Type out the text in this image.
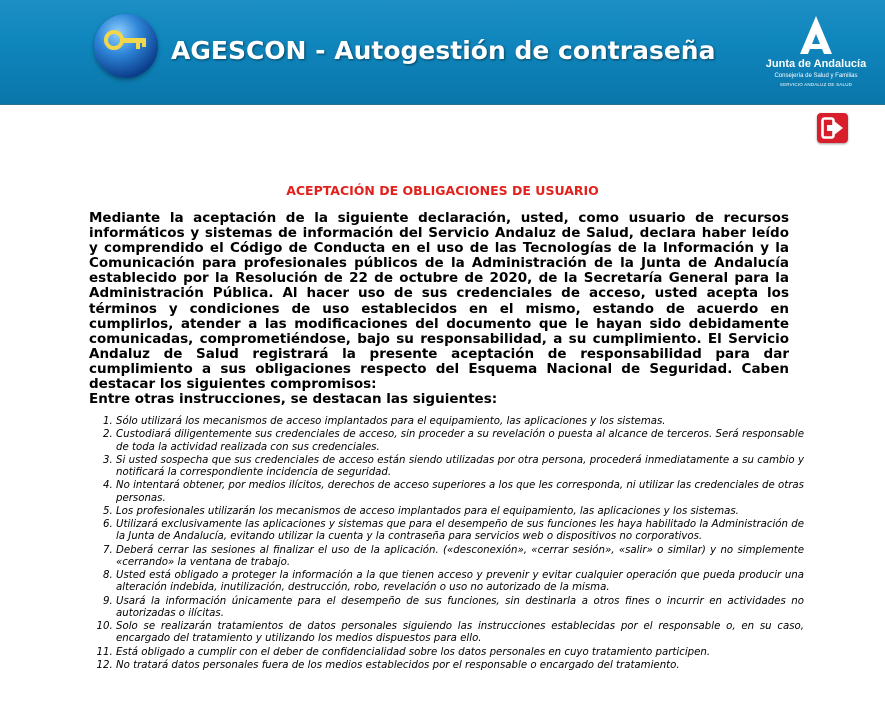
AGESCON - Autogestión de contraseña	Junta de Andalucía
Consejería de Salud y Familias
SERVICIO ANDALUZ DE SALUD
ACEPTACIÓN DE OBLIGACIONES DE USUARIO
Mediante la aceptación de la siguiente declaración, usted, como usuario de recursos informáticos y sistemas de información del Servicio Andaluz de Salud, declara haber leído y comprendido el Código de Conducta en el uso de las Tecnologías de la Información y la Comunicación para profesionales públicos de la Administración de la Junta de Andalucía establecido por la Resolución de 22 de octubre de 2020, de la Secretaría General para la Administración Pública. Al hacer uso de sus credenciales de acceso, usted acepta los términos y condiciones de uso establecidos en el mismo, estando de acuerdo en cumplirlos, atender a las modificaciones del documento que le hayan sido debidamente comunicadas, comprometiéndose, bajo su responsabilidad, a su cumplimiento. El Servicio Andaluz de Salud registrará la presente aceptación de responsabilidad para dar cumplimiento a sus obligaciones respecto del Esquema Nacional de Seguridad. Caben destacar los siguientes compromisos:
Entre otras instrucciones, se destacan las siguientes:
1. Sólo utilizará los mecanismos de acceso implantados para el equipamiento, las aplicaciones y los sistemas.
2. Custodiará diligentemente sus credenciales de acceso, sin proceder a su revelación o puesta al alcance de terceros. Será responsable de toda la actividad realizada con sus credenciales.
3. Si usted sospecha que sus credenciales de acceso están siendo utilizadas por otra persona, procederá inmediatamente a su cambio y notificará la correspondiente incidencia de seguridad.
4. No intentará obtener, por medios ilícitos, derechos de acceso superiores a los que les corresponda, ni utilizar las credenciales de otras personas.
5. Los profesionales utilizarán los mecanismos de acceso implantados para el equipamiento, las aplicaciones y los sistemas.
6. Utilizará exclusivamente las aplicaciones y sistemas que para el desempeño de sus funciones les haya habilitado la Administración de la Junta de Andalucía, evitando utilizar la cuenta y la contraseña para servicios web o dispositivos no corporativos.
7. Deberá cerrar las sesiones al finalizar el uso de la aplicación. («desconexión», «cerrar sesión», «salir» o similar) y no simplemente «cerrando» la ventana de trabajo.
8. Usted está obligado a proteger la información a la que tienen acceso y prevenir y evitar cualquier operación que pueda producir una alteración indebida, inutilización, destrucción, robo, revelación o uso no autorizado de la misma.
9. Usará la información únicamente para el desempeño de sus funciones, sin destinarla a otros fines o incurrir en actividades no autorizadas o ilícitas.
10. Solo se realizarán tratamientos de datos personales siguiendo las instrucciones establecidas por el responsable o, en su caso, encargado del tratamiento y utilizando los medios dispuestos para ello.
11. Está obligado a cumplir con el deber de confidencialidad sobre los datos personales en cuyo tratamiento participen.
12. No tratará datos personales fuera de los medios establecidos por el responsable o encargado del tratamiento.
